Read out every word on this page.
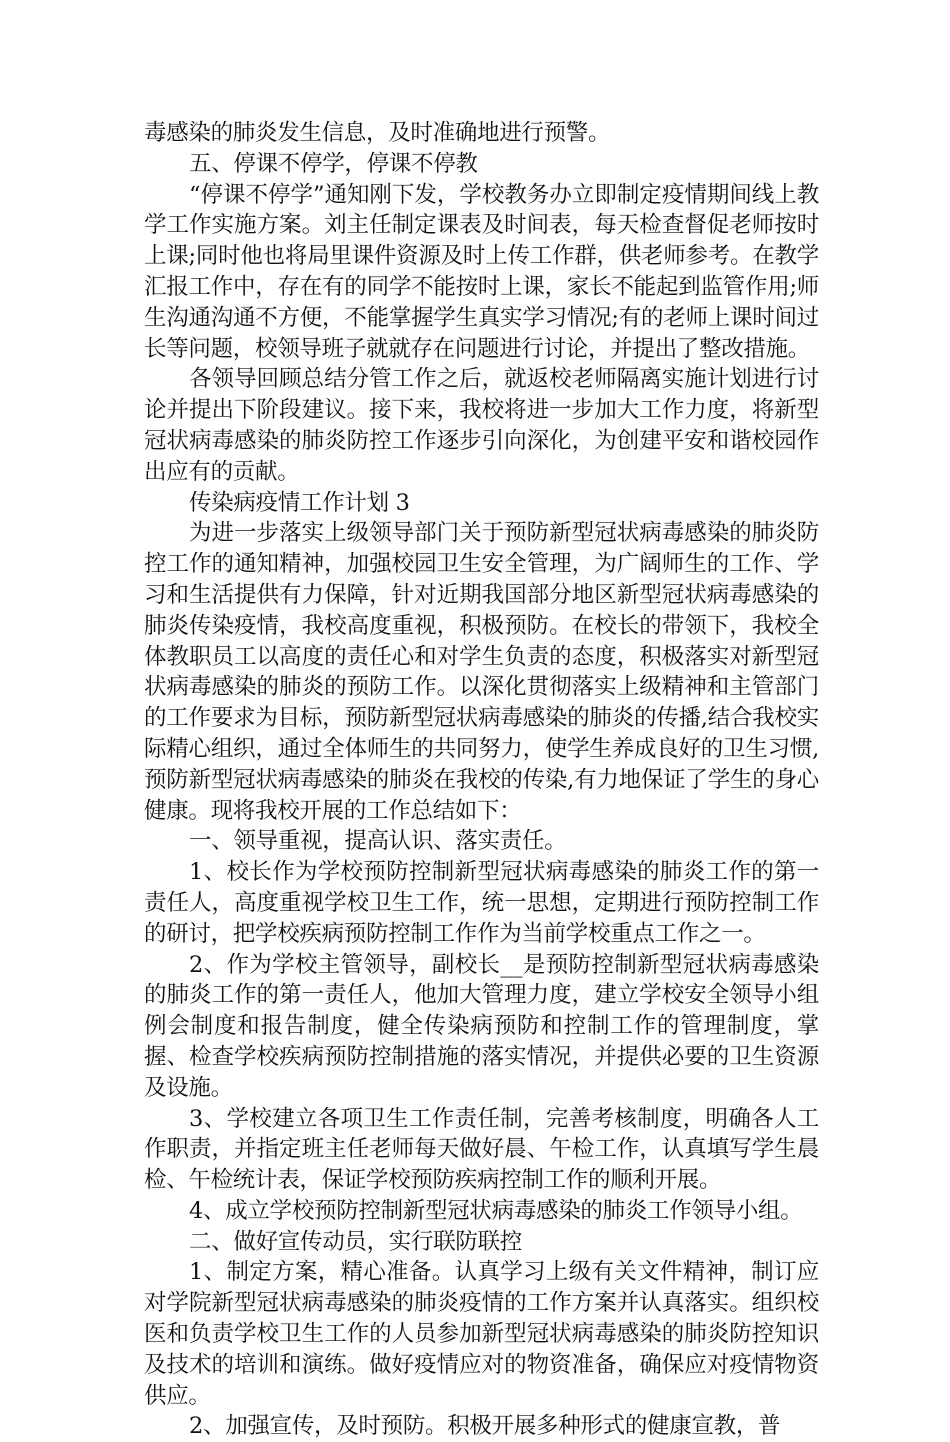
毒感染的肺炎发生信息，及时准确地进行预警。

五、停课不停学，停课不停教

“停课不停学”通知刚下发，学校教务办立即制定疫情期间线上教学工作实施方案。刘主任制定课表及时间表，每天检查督促老师按时上课;同时他也将局里课件资源及时上传工作群，供老师参考。在教学汇报工作中，存在有的同学不能按时上课，家长不能起到监管作用;师生沟通沟通不方便，不能掌握学生真实学习情况;有的老师上课时间过长等问题，校领导班子就就存在问题进行讨论，并提出了整改措施。

各领导回顾总结分管工作之后，就返校老师隔离实施计划进行讨论并提出下阶段建议。接下来，我校将进一步加大工作力度，将新型冠状病毒感染的肺炎防控工作逐步引向深化，为创建平安和谐校园作出应有的贡献。

传染病疫情工作计划 3

为进一步落实上级领导部门关于预防新型冠状病毒感染的肺炎防控工作的通知精神，加强校园卫生安全管理，为广阔师生的工作、学习和生活提供有力保障，针对近期我国部分地区新型冠状病毒感染的肺炎传染疫情，我校高度重视，积极预防。在校长的带领下，我校全体教职员工以高度的责任心和对学生负责的态度，积极落实对新型冠状病毒感染的肺炎的预防工作。以深化贯彻落实上级精神和主管部门的工作要求为目标，预防新型冠状病毒感染的肺炎的传播,结合我校实际精心组织，通过全体师生的共同努力，使学生养成良好的卫生习惯,预防新型冠状病毒感染的肺炎在我校的传染,有力地保证了学生的身心健康。现将我校开展的工作总结如下：

一、领导重视，提高认识、落实责任。

1、校长作为学校预防控制新型冠状病毒感染的肺炎工作的第一责任人，高度重视学校卫生工作，统一思想，定期进行预防控制工作的研讨，把学校疾病预防控制工作作为当前学校重点工作之一。

2、作为学校主管领导，副校长__是预防控制新型冠状病毒感染的肺炎工作的第一责任人，他加大管理力度，建立学校安全领导小组例会制度和报告制度，健全传染病预防和控制工作的管理制度，掌握、检查学校疾病预防控制措施的落实情况，并提供必要的卫生资源及设施。

3、学校建立各项卫生工作责任制，完善考核制度，明确各人工作职责，并指定班主任老师每天做好晨、午检工作，认真填写学生晨检、午检统计表，保证学校预防疾病控制工作的顺利开展。

4、成立学校预防控制新型冠状病毒感染的肺炎工作领导小组。

二、做好宣传动员，实行联防联控

1、制定方案，精心准备。认真学习上级有关文件精神，制订应对学院新型冠状病毒感染的肺炎疫情的工作方案并认真落实。组织校医和负责学校卫生工作的人员参加新型冠状病毒感染的肺炎防控知识及技术的培训和演练。做好疫情应对的物资准备，确保应对疫情物资供应。

2、加强宣传，及时预防。积极开展多种形式的健康宣教，普
